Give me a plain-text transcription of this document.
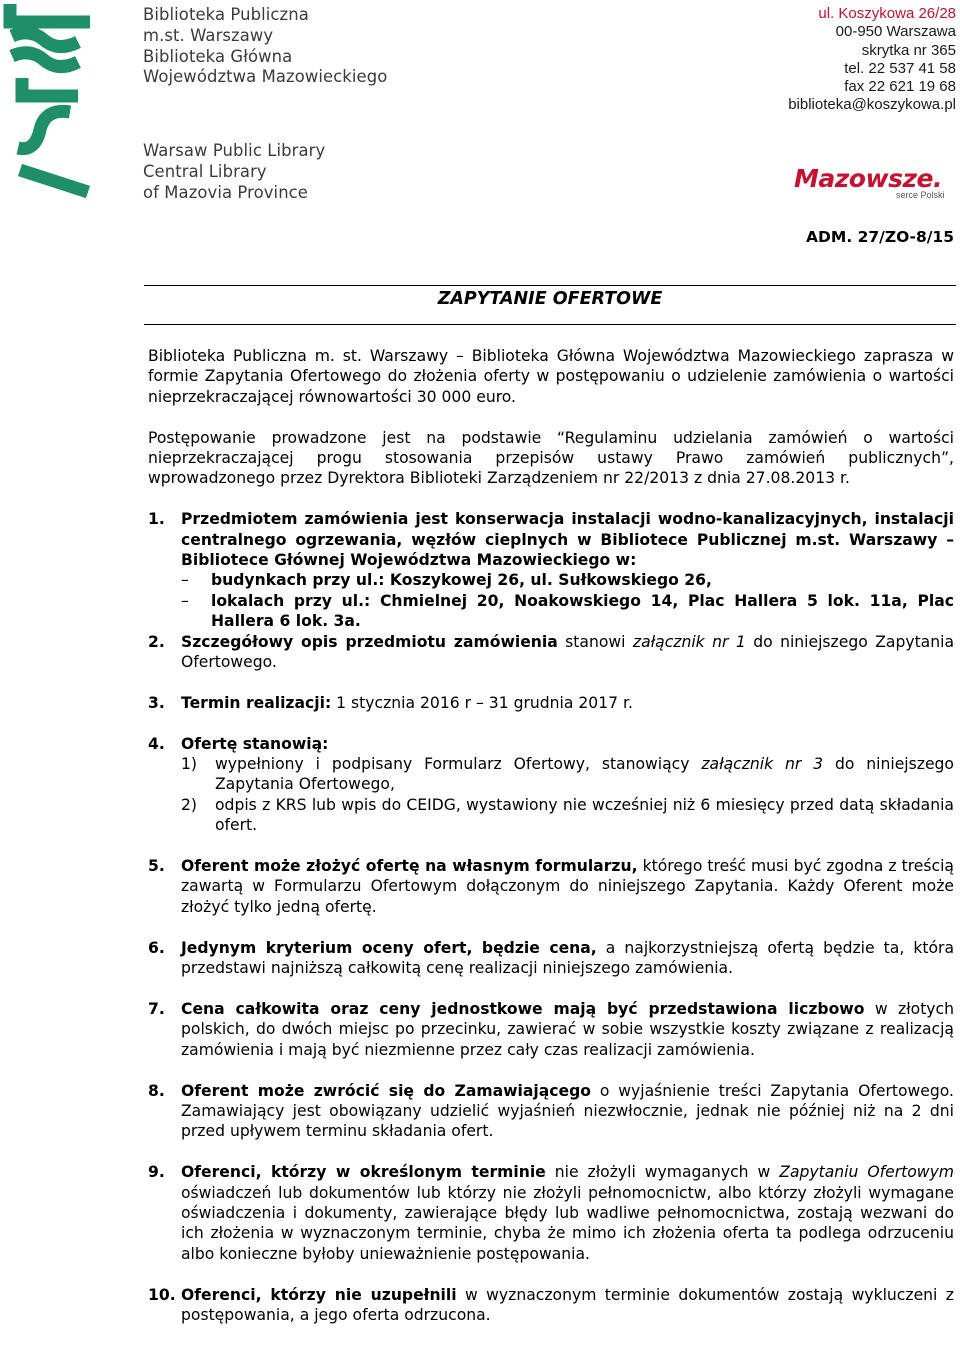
Biblioteka Publiczna
m.st. Warszawy
Biblioteka Główna
Województwa Mazowieckiego
Warsaw Public Library
Central Library
of Mazovia Province
ul. Koszykowa 26/28
00-950 Warszawa
skrytka nr 365
tel. 22 537 41 58
fax 22 621 19 68
biblioteka@koszykowa.pl
Mazowsze.
serce Polski
ADM. 27/ZO-8/15
ZAPYTANIE OFERTOWE

Biblioteka Publiczna m. st. Warszawy – Biblioteka Główna Województwa Mazowieckiego zaprasza w formie Zapytania Ofertowego do złożenia oferty w postępowaniu o udzielenie zamówienia o wartości nieprzekraczającej równowartości 30 000 euro.

Postępowanie prowadzone jest na podstawie “Regulaminu udzielania zamówień o wartości nieprzekraczającej progu stosowania przepisów ustawy Prawo zamówień publicznych”, wprowadzonego przez Dyrektora Biblioteki Zarządzeniem nr 22/2013 z dnia 27.08.2013 r.

1. Przedmiotem zamówienia jest konserwacja instalacji wodno-kanalizacyjnych, instalacji centralnego ogrzewania, węzłów cieplnych w Bibliotece Publicznej m.st. Warszawy – Bibliotece Głównej Województwa Mazowieckiego w:
– budynkach przy ul.: Koszykowej 26, ul. Sułkowskiego 26,
– lokalach przy ul.: Chmielnej 20, Noakowskiego 14, Plac Hallera 5 lok. 11a, Plac Hallera 6 lok. 3a.
2. Szczegółowy opis przedmiotu zamówienia stanowi załącznik nr 1 do niniejszego Zapytania Ofertowego.
3. Termin realizacji: 1 stycznia 2016 r – 31 grudnia 2017 r.
4. Ofertę stanowią:
1) wypełniony i podpisany Formularz Ofertowy, stanowiący załącznik nr 3 do niniejszego Zapytania Ofertowego,
2) odpis z KRS lub wpis do CEIDG, wystawiony nie wcześniej niż 6 miesięcy przed datą składania ofert.
5. Oferent może złożyć ofertę na własnym formularzu, którego treść musi być zgodna z treścią zawartą w Formularzu Ofertowym dołączonym do niniejszego Zapytania. Każdy Oferent może złożyć tylko jedną ofertę.
6. Jedynym kryterium oceny ofert, będzie cena, a najkorzystniejszą ofertą będzie ta, która przedstawi najniższą całkowitą cenę realizacji niniejszego zamówienia.
7. Cena całkowita oraz ceny jednostkowe mają być przedstawiona liczbowo w złotych polskich, do dwóch miejsc po przecinku, zawierać w sobie wszystkie koszty związane z realizacją zamówienia i mają być niezmienne przez cały czas realizacji zamówienia.
8. Oferent może zwrócić się do Zamawiającego o wyjaśnienie treści Zapytania Ofertowego. Zamawiający jest obowiązany udzielić wyjaśnień niezwłocznie, jednak nie później niż na 2 dni przed upływem terminu składania ofert.
9. Oferenci, którzy w określonym terminie nie złożyli wymaganych w Zapytaniu Ofertowym oświadczeń lub dokumentów lub którzy nie złożyli pełnomocnictw, albo którzy złożyli wymagane oświadczenia i dokumenty, zawierające błędy lub wadliwe pełnomocnictwa, zostają wezwani do ich złożenia w wyznaczonym terminie, chyba że mimo ich złożenia oferta ta podlega odrzuceniu albo konieczne byłoby unieważnienie postępowania.
10. Oferenci, którzy nie uzupełnili w wyznaczonym terminie dokumentów zostają wykluczeni z postępowania, a jego oferta odrzucona.
